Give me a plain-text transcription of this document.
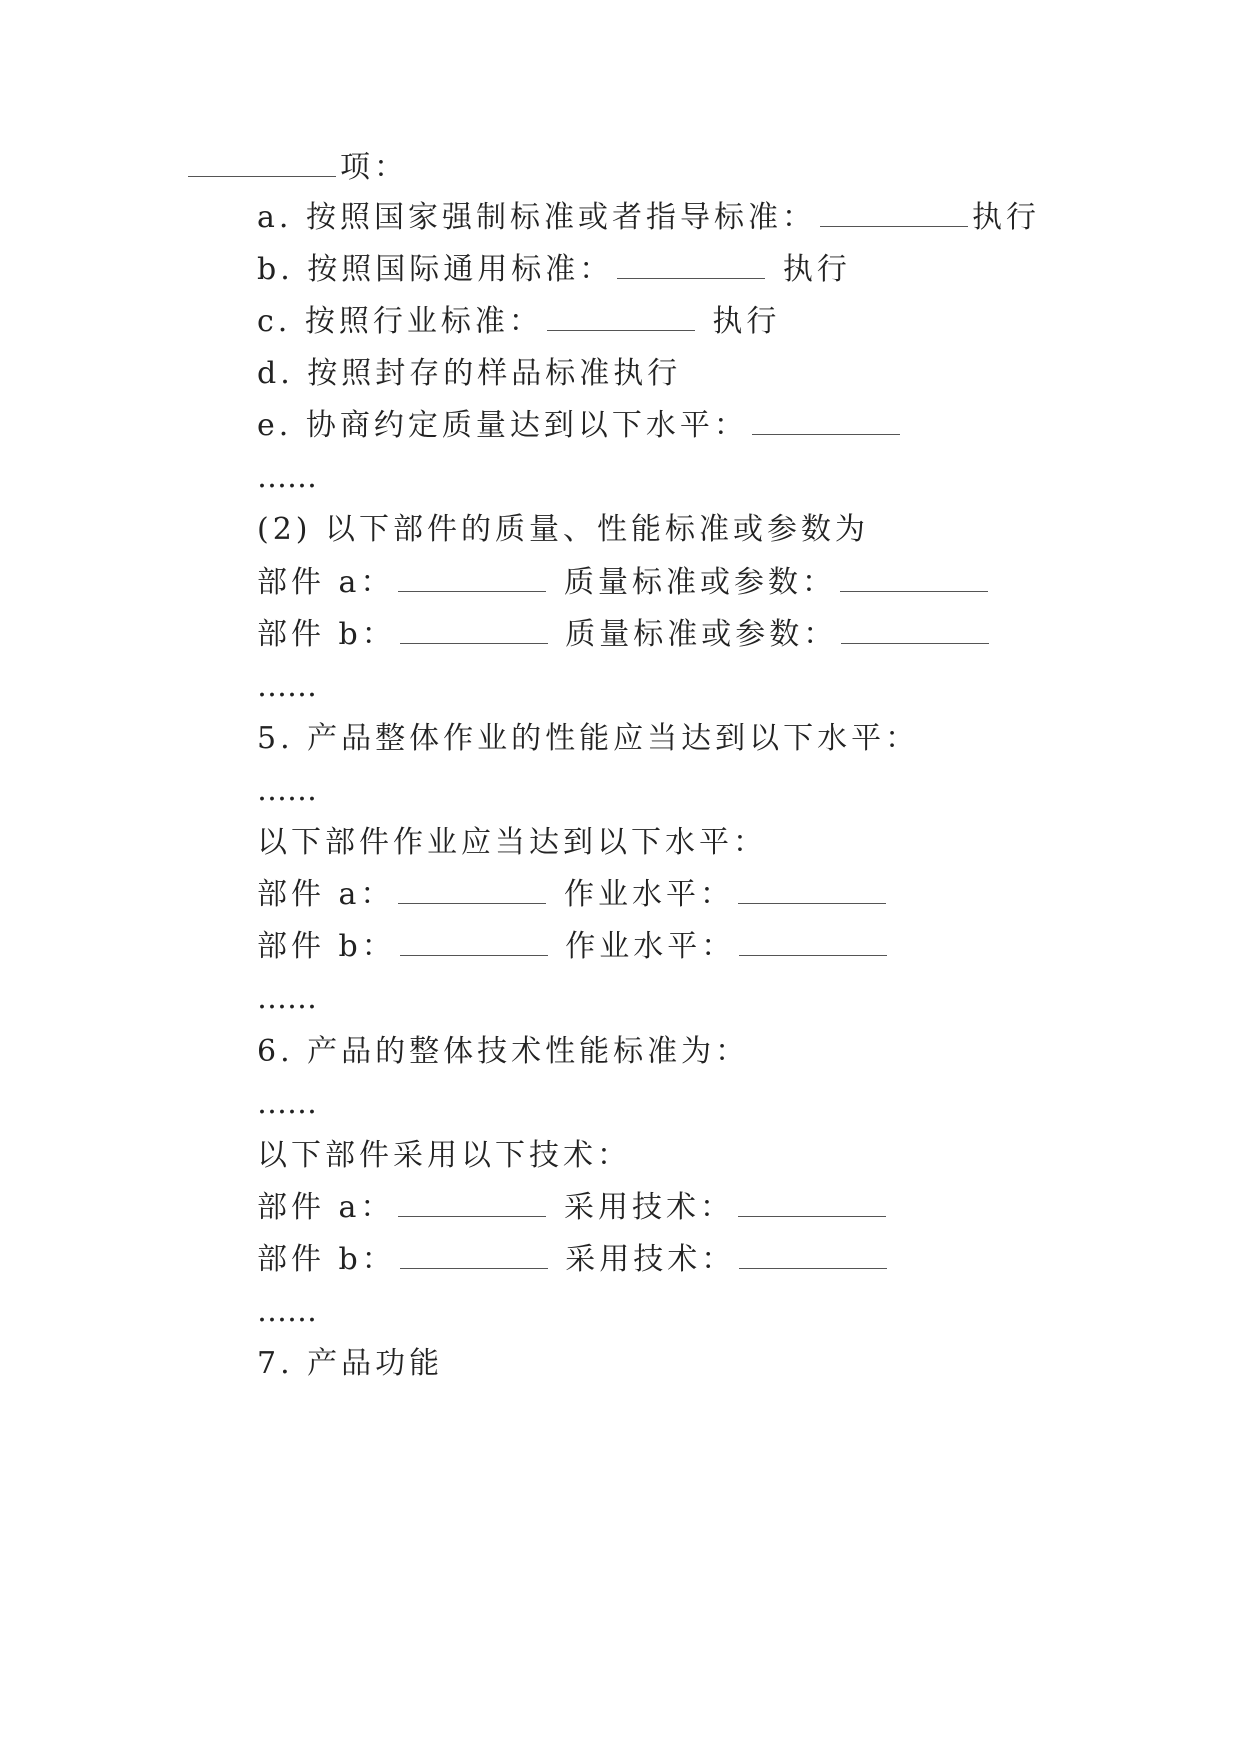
项：
a. 按照国家强制标准或者指导标准：	执行
b. 按照国际通用标准：	执行
c. 按照行业标准：	执行
d. 按照封存的样品标准执行
e. 协商约定质量达到以下水平：
……
(2) 以下部件的质量、性能标准或参数为
部件 a：	质量标准或参数：
部件 b：	质量标准或参数：
……
5. 产品整体作业的性能应当达到以下水平：
……
以下部件作业应当达到以下水平：
部件 a：	作业水平：
部件 b：	作业水平：
……
6. 产品的整体技术性能标准为：
……
以下部件采用以下技术：
部件 a：	采用技术：
部件 b：	采用技术：
……
7. 产品功能
